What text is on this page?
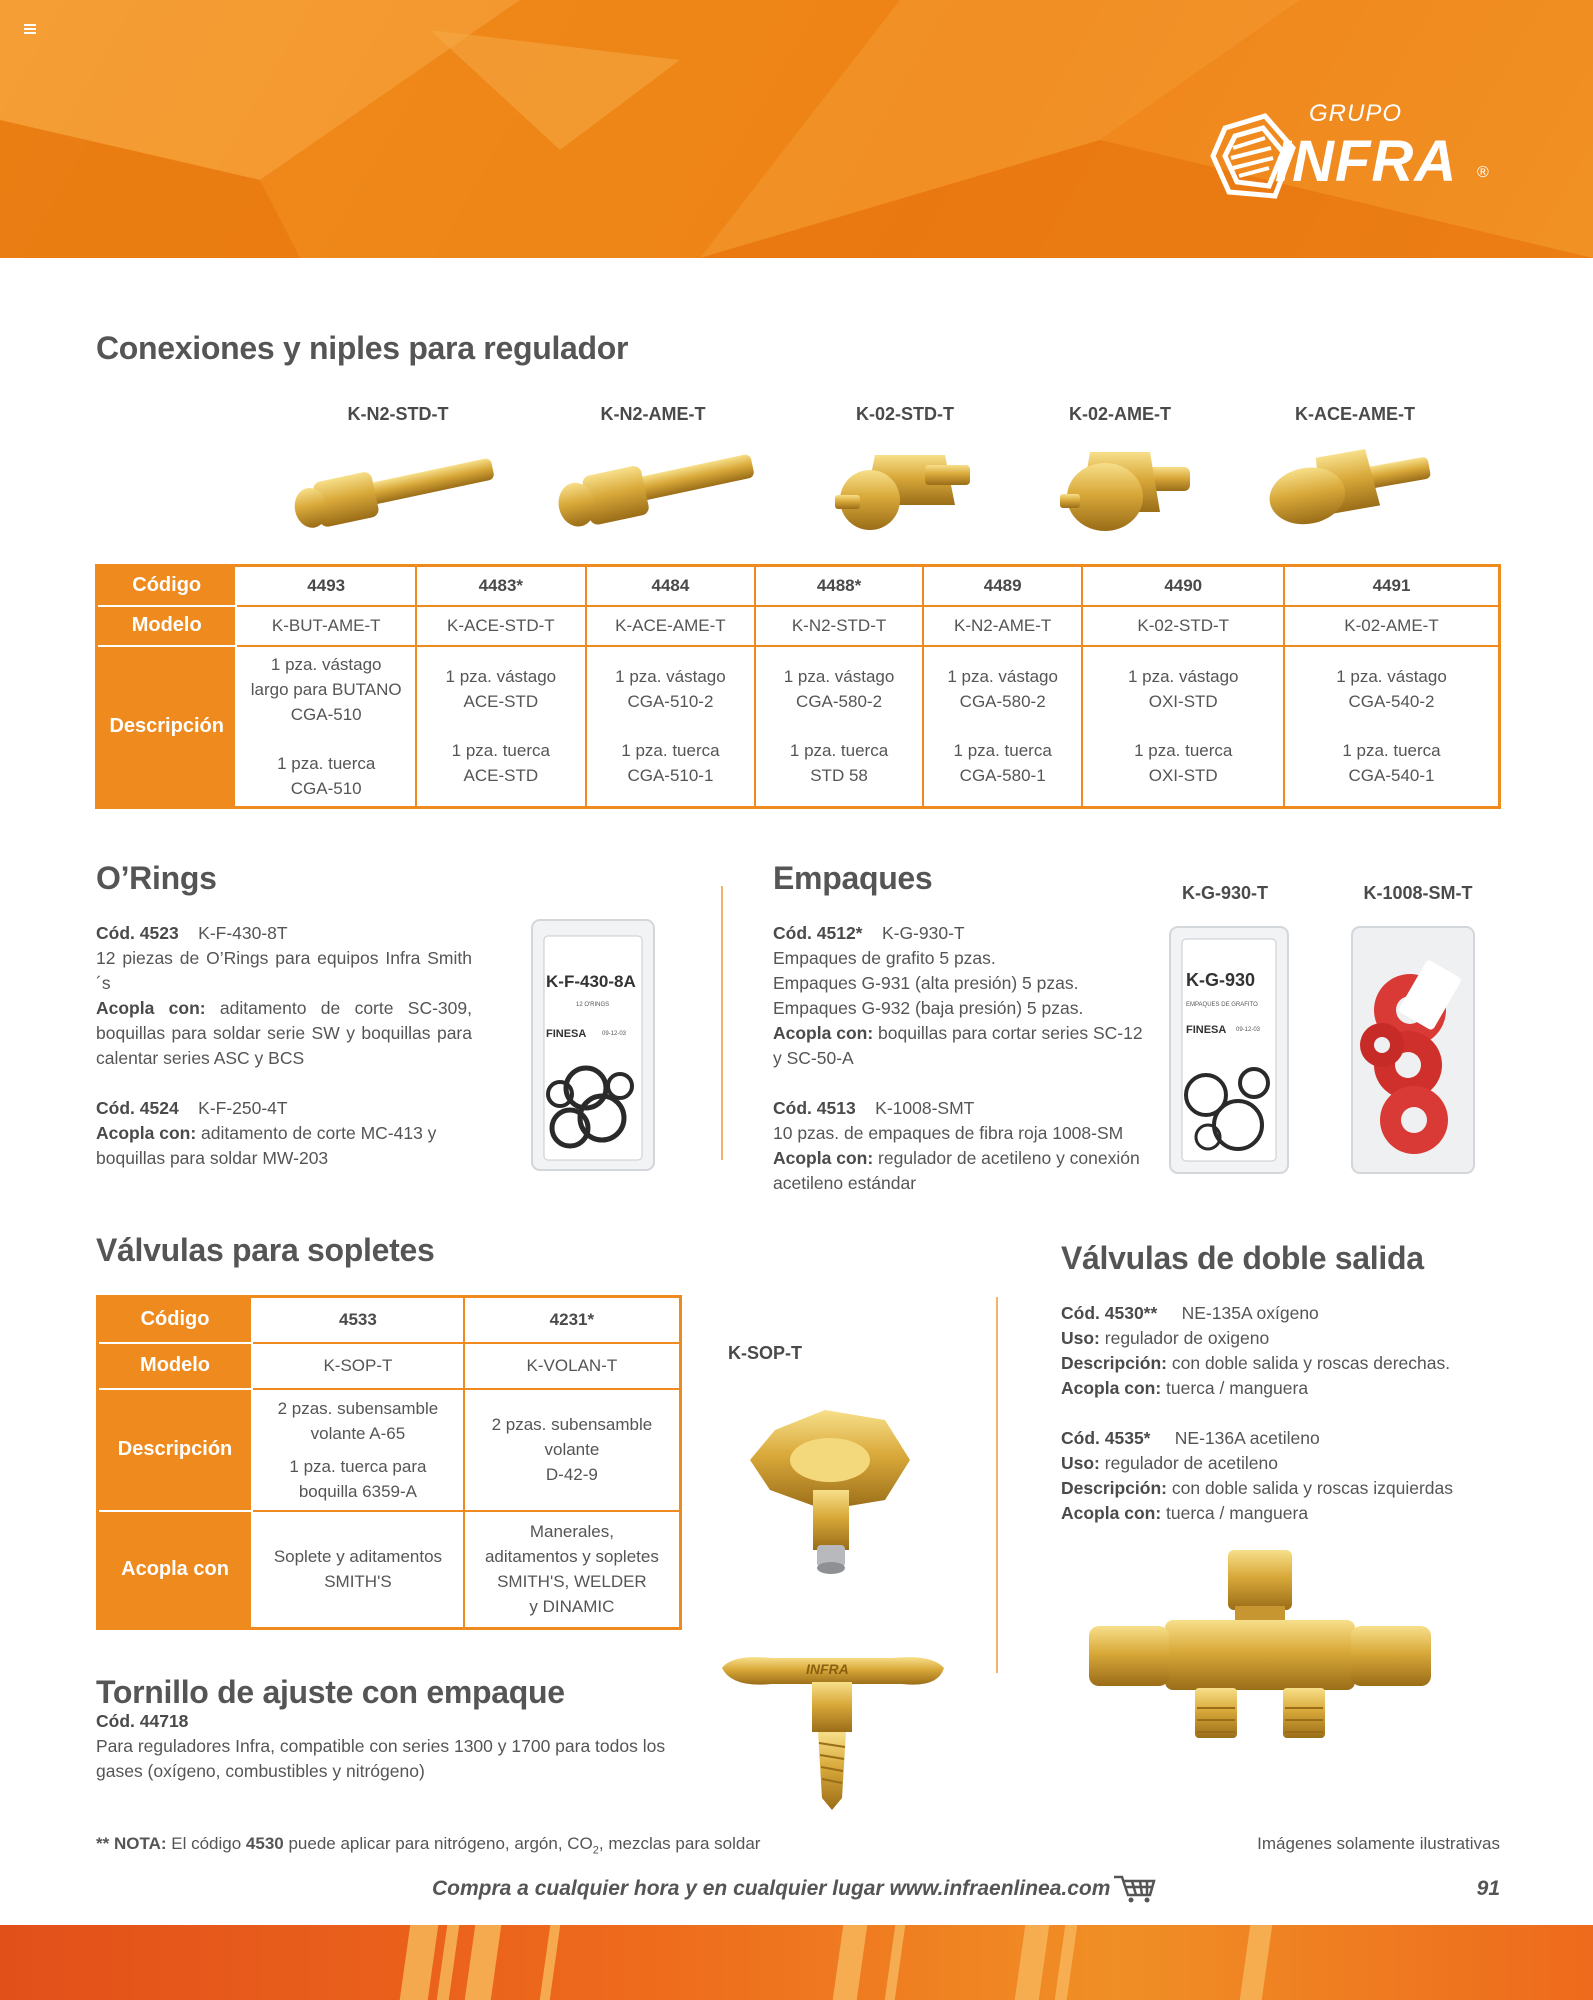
GRUPO
INFRA ®
Conexiones y niples para regulador
K-N2-STD-T	K-N2-AME-T	K-02-STD-T	K-02-AME-T	K-ACE-AME-T
Código	4493	4483*	4484	4488*	4489	4490	4491
Modelo	K-BUT-AME-T	K-ACE-STD-T	K-ACE-AME-T	K-N2-STD-T	K-N2-AME-T	K-02-STD-T	K-02-AME-T
Descripción	1 pza. vástago
largo para BUTANO
CGA-510
1 pza. tuerca
CGA-510	1 pza. vástago
ACE-STD
1 pza. tuerca
ACE-STD	1 pza. vástago
CGA-510-2
1 pza. tuerca
CGA-510-1	1 pza. vástago
CGA-580-2
1 pza. tuerca
STD 58	1 pza. vástago
CGA-580-2
1 pza. tuerca
CGA-580-1	1 pza. vástago
OXI-STD
1 pza. tuerca
OXI-STD	1 pza. vástago
CGA-540-2
1 pza. tuerca
CGA-540-1
O’Rings

Cód. 4523 K-F-430-8T
12 piezas de O’Rings para equipos Infra Smith´s
Acopla con: aditamento de corte SC-309, boquillas para soldar serie SW y boquillas para calentar series ASC y BCS

Cód. 4524 K-F-250-4T
Acopla con: aditamento de corte MC-413 y boquillas para soldar MW-203

K-F-430-8A
12 O'RINGS
FINESA	09-12-03
Empaques	K-G-930-T	K-1008-SM-T

Cód. 4512* K-G-930-T
Empaques de grafito 5 pzas.
Empaques G-931 (alta presión) 5 pzas.
Empaques G-932 (baja presión) 5 pzas.
Acopla con: boquillas para cortar series SC-12 y SC-50-A

Cód. 4513 K-1008-SMT
10 pzas. de empaques de fibra roja 1008-SM
Acopla con: regulador de acetileno y conexión acetileno estándar

K-G-930
EMPAQUES DE GRAFITO
FINESA 09-12-03
Válvulas para sopletes
Código	4533	4231*
Modelo	K-SOP-T	K-VOLAN-T
Descripción	2 pzas. subensamble
volante A-65
1 pza. tuerca para
boquilla 6359-A	2 pzas. subensamble
volante
D-42-9

Acopla con	Soplete y aditamentos
SMITH'S	Manerales,
aditamentos y sopletes
SMITH'S, WELDER
y DINAMIC
K-SOP-T
INFRA
Tornillo de ajuste con empaque
Cód. 44718
Para reguladores Infra, compatible con series 1300 y 1700 para todos los gases (oxígeno, combustibles y nitrógeno)
Válvulas de doble salida

Cód. 4530** NE-135A oxígeno
Uso: regulador de oxigeno
Descripción: con doble salida y roscas derechas.
Acopla con: tuerca / manguera

Cód. 4535* NE-136A acetileno
Uso: regulador de acetileno
Descripción: con doble salida y roscas izquierdas
Acopla con: tuerca / manguera

** NOTA: El código 4530 puede aplicar para nitrógeno, argón, $CO_2$, mezclas para soldar	Imágenes solamente ilustrativas
Compra a cualquier hora y en cualquier lugar www.infraenlinea.com	91
